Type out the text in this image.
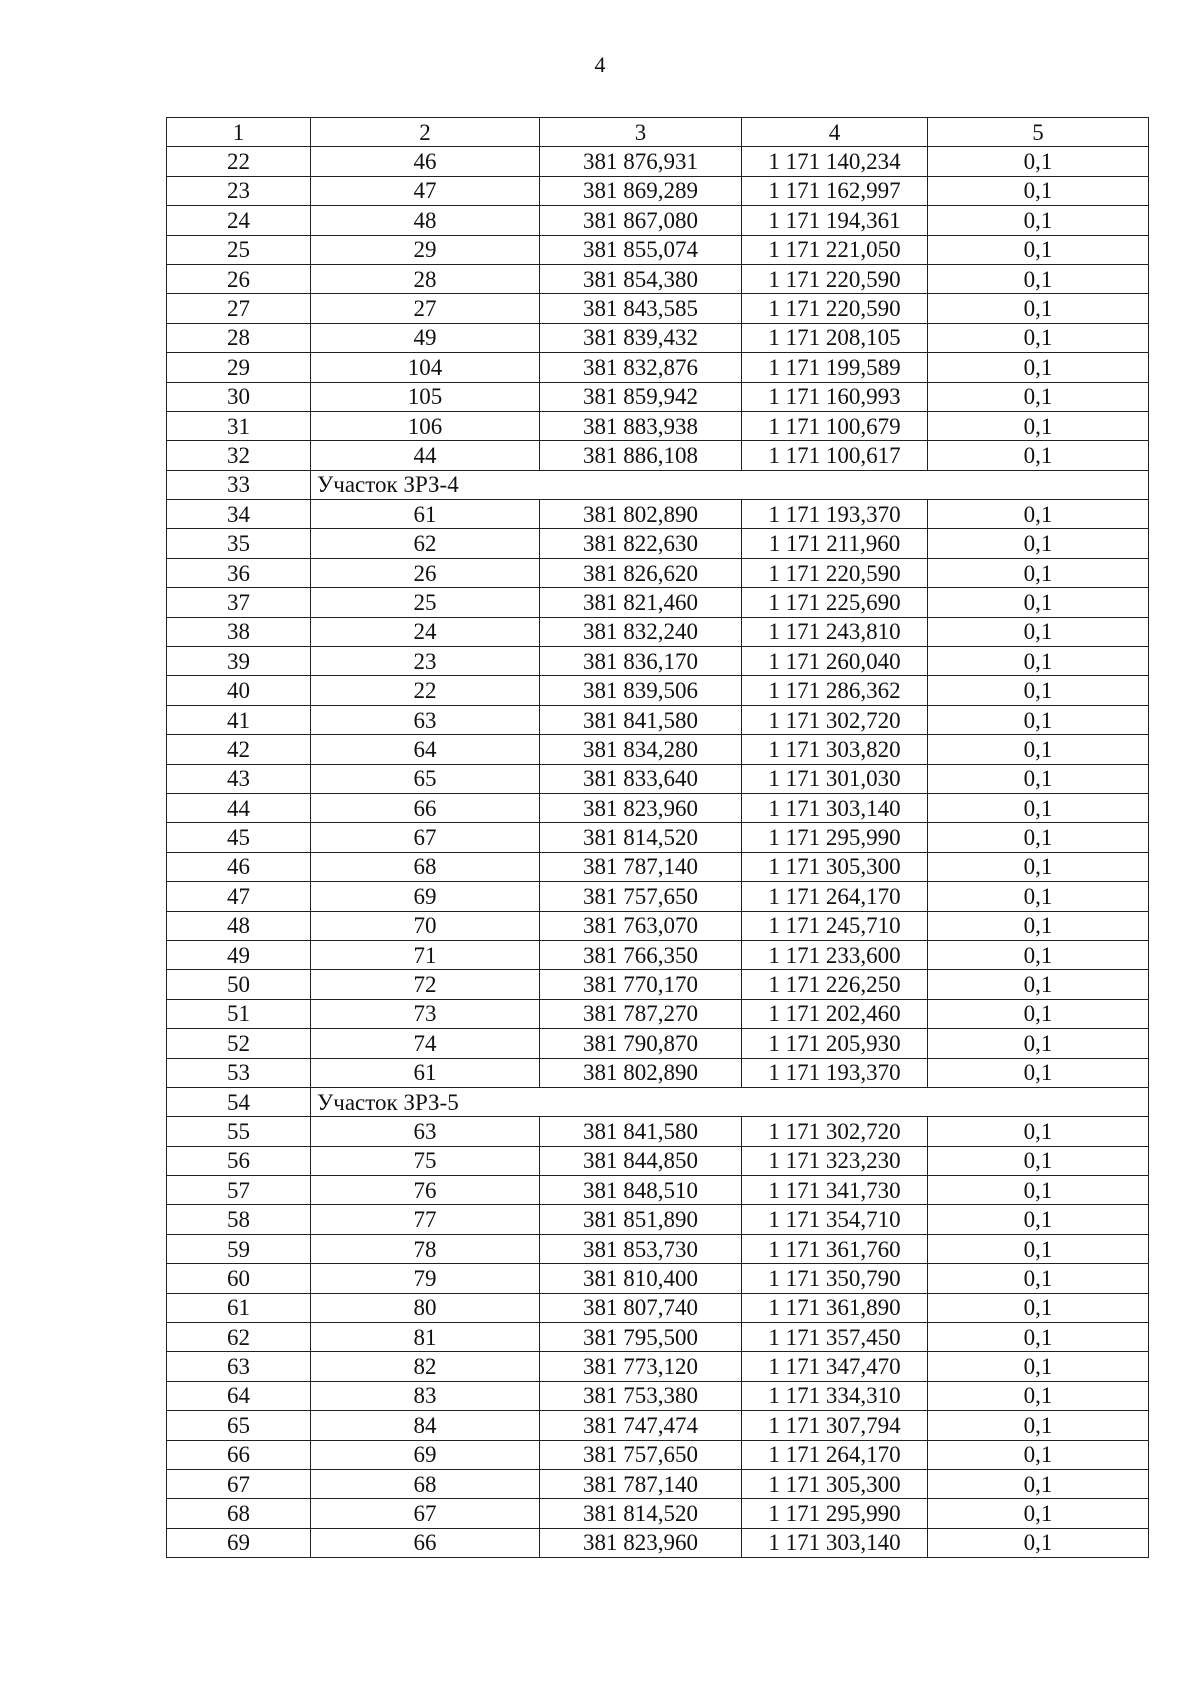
4
1	2	3	4	5
22	46	381 876,931	1 171 140,234	0,1
23	47	381 869,289	1 171 162,997	0,1
24	48	381 867,080	1 171 194,361	0,1
25	29	381 855,074	1 171 221,050	0,1
26	28	381 854,380	1 171 220,590	0,1
27	27	381 843,585	1 171 220,590	0,1
28	49	381 839,432	1 171 208,105	0,1
29	104	381 832,876	1 171 199,589	0,1
30	105	381 859,942	1 171 160,993	0,1
31	106	381 883,938	1 171 100,679	0,1
32	44	381 886,108	1 171 100,617	0,1
33	Участок ЗРЗ-4			
34	61	381 802,890	1 171 193,370	0,1
35	62	381 822,630	1 171 211,960	0,1
36	26	381 826,620	1 171 220,590	0,1
37	25	381 821,460	1 171 225,690	0,1
38	24	381 832,240	1 171 243,810	0,1
39	23	381 836,170	1 171 260,040	0,1
40	22	381 839,506	1 171 286,362	0,1
41	63	381 841,580	1 171 302,720	0,1
42	64	381 834,280	1 171 303,820	0,1
43	65	381 833,640	1 171 301,030	0,1
44	66	381 823,960	1 171 303,140	0,1
45	67	381 814,520	1 171 295,990	0,1
46	68	381 787,140	1 171 305,300	0,1
47	69	381 757,650	1 171 264,170	0,1
48	70	381 763,070	1 171 245,710	0,1
49	71	381 766,350	1 171 233,600	0,1
50	72	381 770,170	1 171 226,250	0,1
51	73	381 787,270	1 171 202,460	0,1
52	74	381 790,870	1 171 205,930	0,1
53	61	381 802,890	1 171 193,370	0,1
54	Участок ЗРЗ-5			
55	63	381 841,580	1 171 302,720	0,1
56	75	381 844,850	1 171 323,230	0,1
57	76	381 848,510	1 171 341,730	0,1
58	77	381 851,890	1 171 354,710	0,1
59	78	381 853,730	1 171 361,760	0,1
60	79	381 810,400	1 171 350,790	0,1
61	80	381 807,740	1 171 361,890	0,1
62	81	381 795,500	1 171 357,450	0,1
63	82	381 773,120	1 171 347,470	0,1
64	83	381 753,380	1 171 334,310	0,1
65	84	381 747,474	1 171 307,794	0,1
66	69	381 757,650	1 171 264,170	0,1
67	68	381 787,140	1 171 305,300	0,1
68	67	381 814,520	1 171 295,990	0,1
69	66	381 823,960	1 171 303,140	0,1
